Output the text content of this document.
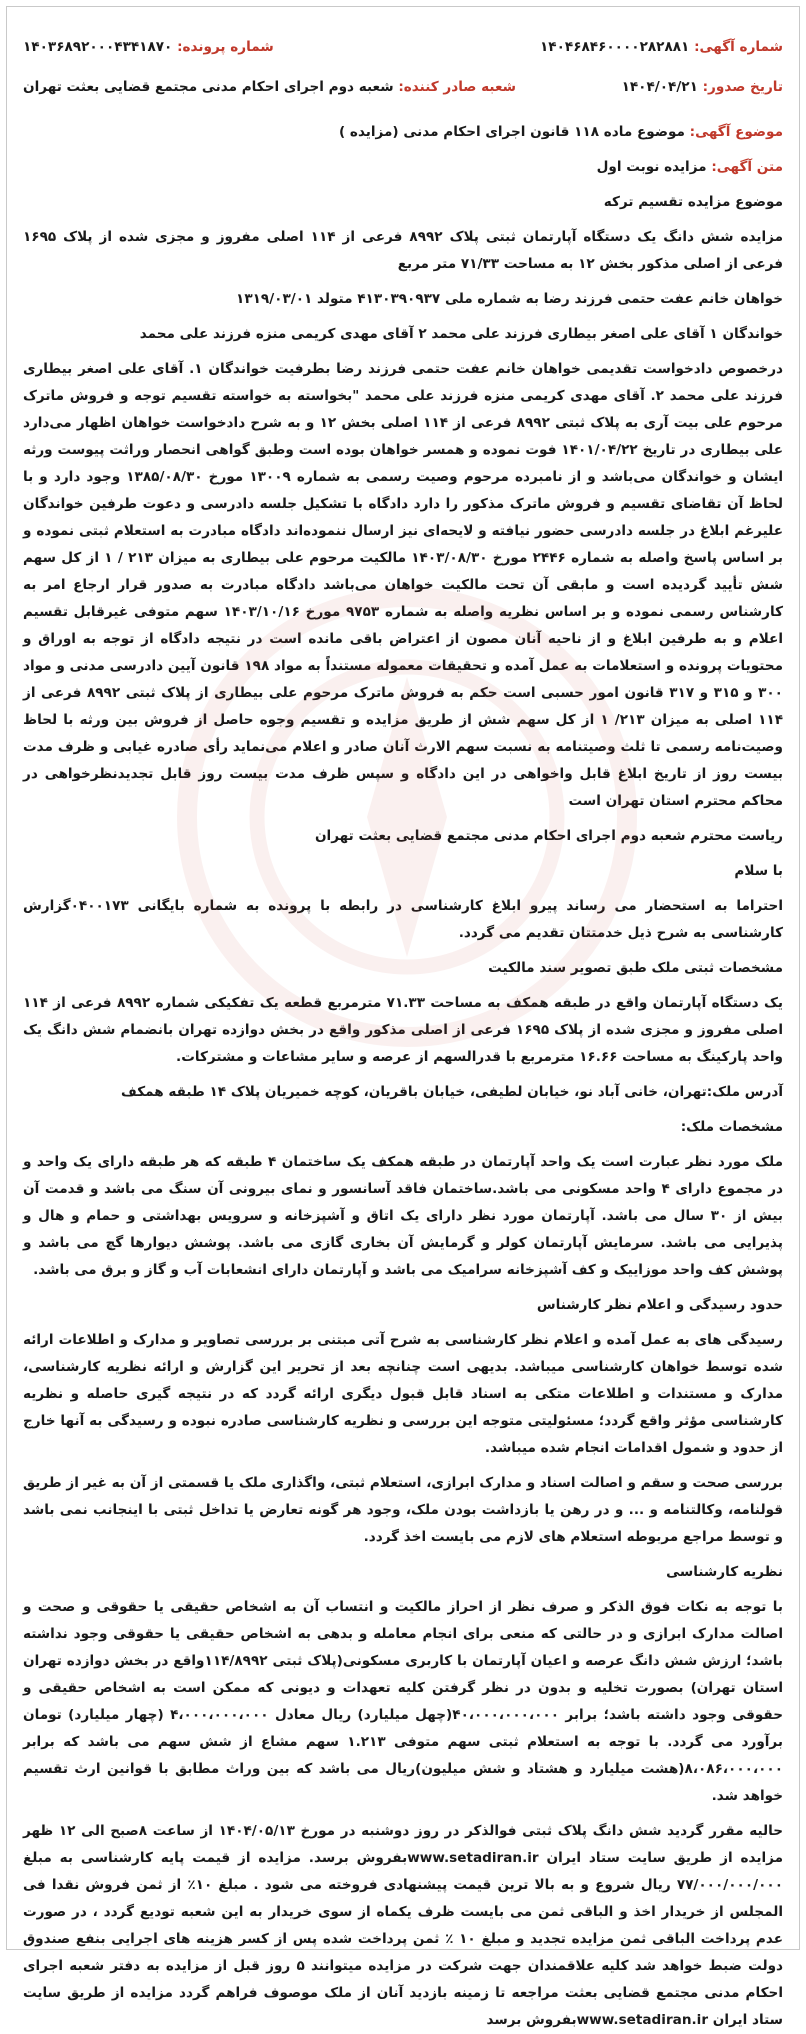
شماره آگهی: ۱۴۰۴۶۸۴۶۰۰۰۰۲۸۲۸۸۱
شماره پرونده: ۱۴۰۳۶۸۹۲۰۰۰۴۳۴۱۸۷۰
تاریخ صدور: ۱۴۰۴/۰۴/۲۱
شعبه صادر کننده: شعبه دوم اجرای احکام مدنی مجتمع قضایی بعثت تهران

موضوع آگهی: موضوع ماده ۱۱۸ قانون اجرای احکام مدنی (مزایده )

متن آگهی: مزایده نوبت اول

موضوع مزایده تقسیم ترکه

مزایده شش دانگ یک دستگاه آپارتمان ثبتی پلاک ۸۹۹۲ فرعی از ۱۱۴ اصلی مفروز و مجزی شده از پلاک ۱۶۹۵ فرعی از اصلی مذکور بخش ۱۲ به مساحت ۷۱/۳۳ متر مربع

خواهان خانم عفت حتمی فرزند رضا به شماره ملی ۴۱۳۰۳۹۰۹۳۷ متولد ۱۳۱۹/۰۳/۰۱

خواندگان ۱ آقای علی اصغر بیطاری فرزند علی محمد ۲ آقای مهدی کریمی منزه فرزند علی محمد

درخصوص دادخواست تقدیمی خواهان خانم عفت حتمی فرزند رضا بطرفیت خواندگان ۱. آقای علی اصغر بیطاری فرزند علی محمد ۲. آقای مهدی کریمی منزه فرزند علی محمد "بخواسته به خواسته تقسیم توجه و فروش ماترک مرحوم علی بیت آری به پلاک ثبتی ۸۹۹۲ فرعی از ۱۱۴ اصلی بخش ۱۲ و به شرح دادخواست خواهان اظهار می‌دارد علی بیطاری در تاریخ ۱۴۰۱/۰۴/۲۲ فوت نموده و همسر خواهان بوده است وطبق گواهی انحصار وراثت پیوست ورثه ایشان و خواندگان می‌باشد و از نامبرده مرحوم وصیت رسمی به شماره ۱۳۰۰۹ مورخ ۱۳۸۵/۰۸/۳۰ وجود دارد و با لحاظ آن تقاضای تقسیم و فروش ماترک مذکور را دارد دادگاه با تشکیل جلسه دادرسی و دعوت طرفین خواندگان علیرغم ابلاغ در جلسه دادرسی حضور نیافته و لایحه‌ای نیز ارسال ننموده‌اند دادگاه مبادرت به استعلام ثبتی نموده و بر اساس پاسخ واصله به شماره ۲۴۴۶ مورخ ۱۴۰۳/۰۸/۳۰ مالکیت مرحوم علی بیطاری به میزان ۲۱۳ / ۱ از کل سهم شش تأیید گردیده است و مابقی آن تحت مالکیت خواهان می‌باشد دادگاه مبادرت به صدور قرار ارجاع امر به کارشناس رسمی نموده و بر اساس نظریه واصله به شماره ۹۷۵۳ مورخ ۱۴۰۳/۱۰/۱۶ سهم متوفی غیرقابل تقسیم اعلام و به طرفین ابلاغ و از ناحیه آنان مصون از اعتراض باقی مانده است در نتیجه دادگاه از توجه به اوراق و محتویات پرونده و استعلامات به عمل آمده و تحقیقات معموله مستنداً به مواد ۱۹۸ قانون آیین دادرسی مدنی و مواد ۳۰۰ و ۳۱۵ و ۳۱۷ قانون امور حسبی است حکم به فروش ماترک مرحوم علی بیطاری از پلاک ثبتی ۸۹۹۲ فرعی از ۱۱۴ اصلی به میزان ۲۱۳/ ۱ از کل سهم شش از طریق مزایده و تقسیم وجوه حاصل از فروش بین ورثه با لحاظ وصیت‌نامه رسمی تا ثلث وصیتنامه به نسبت سهم الارث آنان صادر و اعلام می‌نماید رأی صادره غیابی و ظرف مدت بیست روز از تاریخ ابلاغ قابل واخواهی در این دادگاه و سپس ظرف مدت بیست روز قابل تجدیدنظرخواهی در محاکم محترم استان تهران است

ریاست محترم شعبه دوم اجرای احکام مدنی مجتمع قضایی بعثت تهران

با سلام

احتراما به استحضار می رساند پیرو ابلاغ کارشناسی در رابطه با پرونده به شماره بایگانی ۰۴۰۰۱۷۳گزارش کارشناسی به شرح ذیل خدمتتان تقدیم می گردد.

مشخصات ثبتی ملک طبق تصویر سند مالکیت

یک دستگاه آپارتمان واقع در طبقه همکف به مساحت ۷۱.۳۳ مترمربع قطعه یک تفکیکی شماره ۸۹۹۲ فرعی از ۱۱۴ اصلی مفروز و مجزی شده از پلاک ۱۶۹۵ فرعی از اصلی مذکور واقع در بخش دوازده تهران بانضمام شش دانگ یک واحد پارکینگ به مساحت ۱۶.۶۶ مترمربع با قدرالسهم از عرصه و سایر مشاعات و مشترکات.

آدرس ملک:تهران، خانی آباد نو، خیابان لطیفی، خیابان باقریان، کوچه خمیریان پلاک ۱۴ طبقه همکف

مشخصات ملک:

ملک مورد نظر عبارت است یک واحد آپارتمان در طبقه همکف یک ساختمان ۴ طبقه که هر طبقه دارای یک واحد و در مجموع دارای ۴ واحد مسکونی می باشد.ساختمان فاقد آسانسور و نمای بیرونی آن سنگ می باشد و قدمت آن بیش از ۳۰ سال می باشد. آپارتمان مورد نظر دارای یک اتاق و آشپزخانه و سرویس بهداشتی و حمام و هال و پذیرایی می باشد. سرمایش آپارتمان کولر و گرمایش آن بخاری گازی می باشد. پوشش دیوارها گچ می باشد و پوشش کف واحد موزاییک و کف آشپزخانه سرامیک می باشد و آپارتمان دارای انشعابات آب و گاز و برق می باشد.

حدود رسیدگی و اعلام نظر کارشناس

رسیدگی های به عمل آمده و اعلام نظر کارشناسی به شرح آتی مبتنی بر بررسی تصاویر و مدارک و اطلاعات ارائه شده توسط خواهان کارشناسی میباشد. بدیهی است چنانچه بعد از تحریر این گزارش و ارائه نظریه کارشناسی، مدارک و مستندات و اطلاعات متکی به اسناد قابل قبول دیگری ارائه گردد که در نتیجه گیری حاصله و نظریه کارشناسی مؤثر واقع گردد؛ مسئولیتی متوجه این بررسی و نظریه کارشناسی صادره نبوده و رسیدگی به آنها خارج از حدود و شمول اقدامات انجام شده میباشد.

بررسی صحت و سقم و اصالت اسناد و مدارک ابرازی، استعلام ثبتی، واگذاری ملک یا قسمتی از آن به غیر از طریق قولنامه، وکالتنامه و ... و در رهن یا بازداشت بودن ملک، وجود هر گونه تعارض یا تداخل ثبتی با اینجانب نمی باشد و توسط مراجع مربوطه استعلام های لازم می بایست اخذ گردد.

نظریه کارشناسی

با توجه به نکات فوق الذکر و صرف نظر از احراز مالکیت و انتساب آن به اشخاص حقیقی یا حقوقی و صحت و اصالت مدارک ابرازی و در حالتی که منعی برای انجام معامله و بدهی به اشخاص حقیقی یا حقوقی وجود نداشته باشد؛ ارزش شش دانگ عرصه و اعیان آپارتمان با کاربری مسکونی(پلاک ثبتی ۱۱۴/۸۹۹۲واقع در بخش دوازده تهران استان تهران) بصورت تخلیه و بدون در نظر گرفتن کلیه تعهدات و دیونی که ممکن است به اشخاص حقیقی و حقوقی وجود داشته باشد؛ برابر ۴۰،۰۰۰،۰۰۰،۰۰۰(چهل میلیارد) ریال معادل ۴،۰۰۰،۰۰۰،۰۰۰ (چهار میلیارد) تومان برآورد می گردد. با توجه به استعلام ثبتی سهم متوفی ۱.۲۱۳ سهم مشاع از شش سهم می باشد که برابر ۸،۰۸۶،۰۰۰،۰۰۰(هشت میلیارد و هشتاد و شش میلیون)ریال می باشد که بین وراث مطابق با قوانین ارث تقسیم خواهد شد.

حالیه مقرر گردید شش دانگ پلاک ثبتی فوالذکر در روز دوشنبه در مورخ ۱۴۰۴/۰۵/۱۳ از ساعت ۸صبح الی ۱۲ ظهر مزایده از طریق سایت ستاد ایران www.setadiran.irبفروش برسد. مزایده از قیمت پایه کارشناسی به مبلغ ۷۷/۰۰۰/۰۰۰/۰۰۰ ریال شروع و به بالا ترین قیمت پیشنهادی فروخته می شود . مبلغ ۱۰٪ از ثمن فروش نقدا فی المجلس از خریدار اخذ و الباقی ثمن می بایست ظرف یکماه از سوی خریدار به این شعبه تودیع گردد ، در صورت عدم پرداخت الباقی ثمن مزایده تجدید و مبلغ ۱۰ ٪ ثمن پرداخت شده پس از کسر هزینه های اجرایی بنفع صندوق دولت ضبط خواهد شد کلیه علاقمندان جهت شرکت در مزایده میتوانند ۵ روز قبل از مزایده به دفتر شعبه اجرای احکام مدنی مجتمع قضایی بعثت مراجعه تا زمینه بازدید آنان از ملک موصوف فراهم گردد مزایده از طریق سایت ستاد ایران www.setadiran.irبفروش برسد
